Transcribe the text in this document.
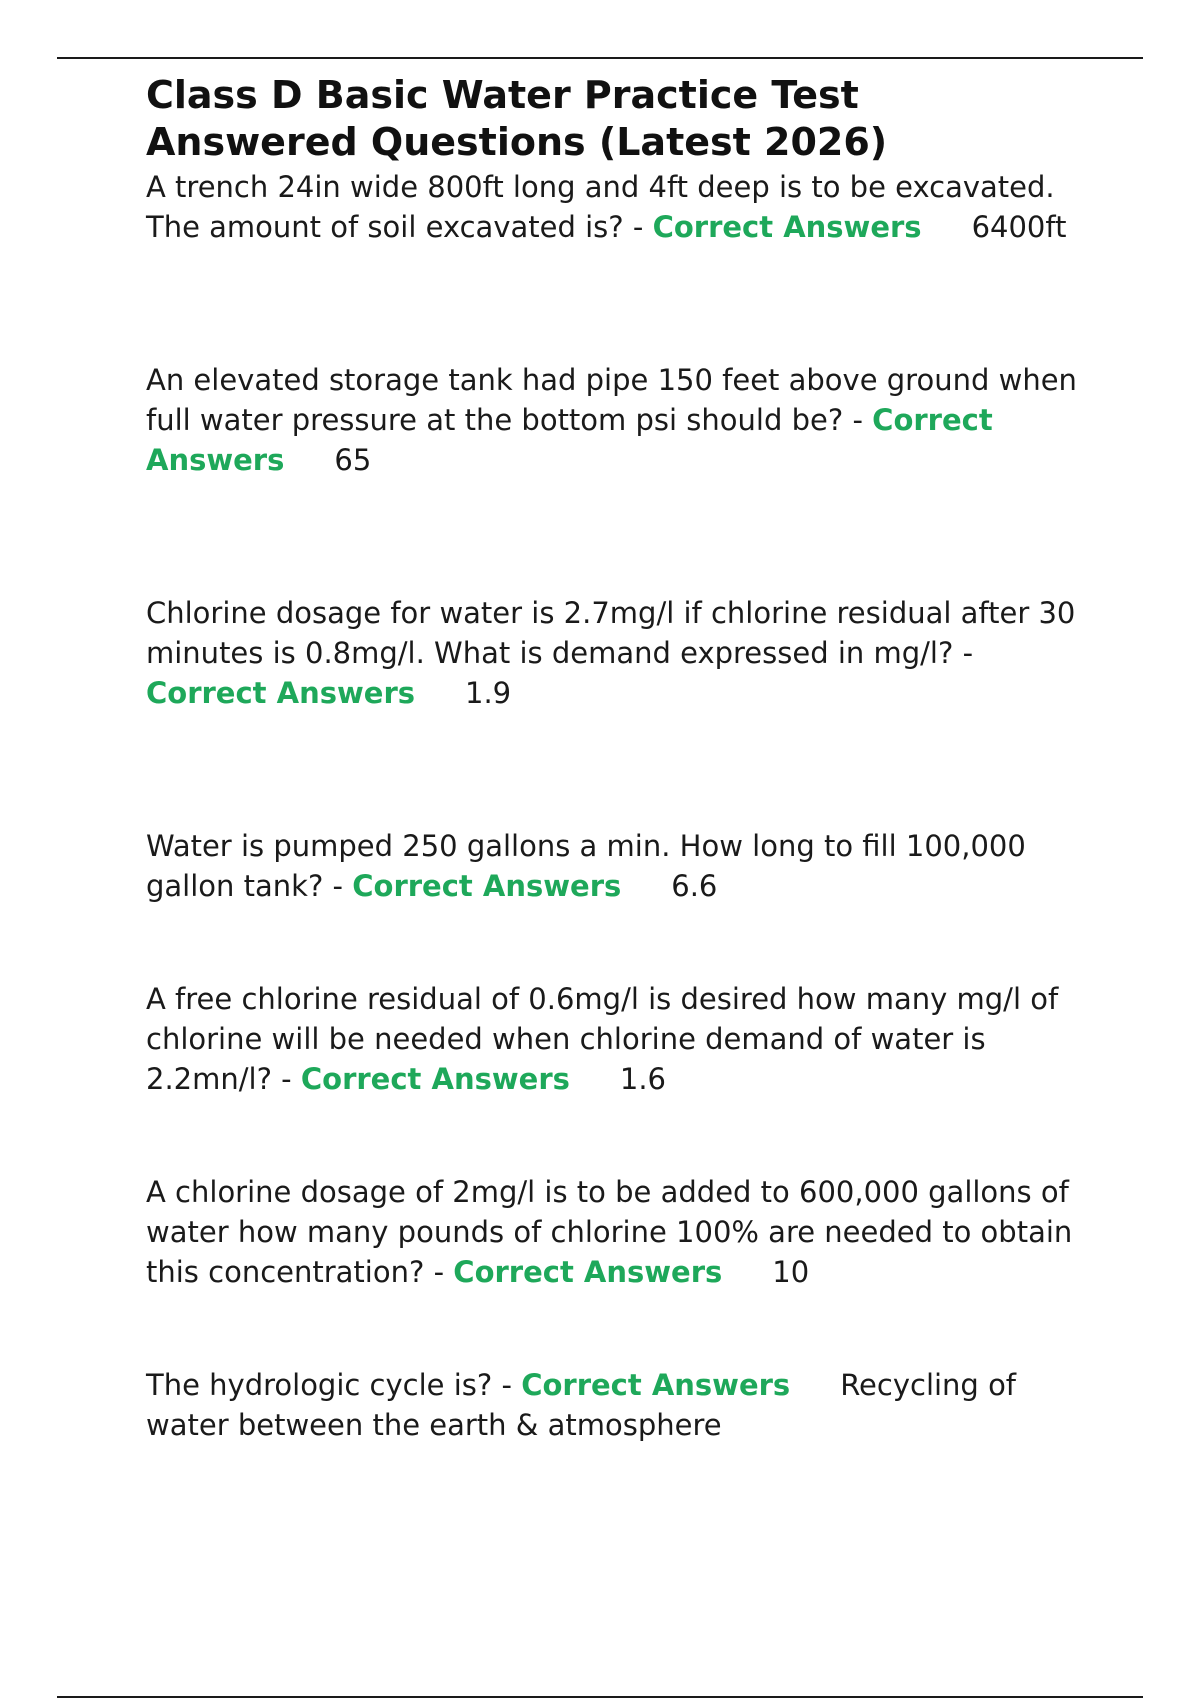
Class D Basic Water Practice Test
Answered Questions (Latest 2026)

A trench 24in wide 800ft long and 4ft deep is to be excavated. The amount of soil excavated is? - Correct Answers 6400ft

An elevated storage tank had pipe 150 feet above ground when full water pressure at the bottom psi should be? - Correct Answers 65

Chlorine dosage for water is 2.7mg/l if chlorine residual after 30 minutes is 0.8mg/l. What is demand expressed in mg/l? - Correct Answers 1.9

Water is pumped 250 gallons a min. How long to fill 100,000 gallon tank? - Correct Answers 6.6

A free chlorine residual of 0.6mg/l is desired how many mg/l of chlorine will be needed when chlorine demand of water is 2.2mn/l? - Correct Answers 1.6

A chlorine dosage of 2mg/l is to be added to 600,000 gallons of water how many pounds of chlorine 100% are needed to obtain this concentration? - Correct Answers 10

The hydrologic cycle is? - Correct Answers Recycling of water between the earth & atmosphere
